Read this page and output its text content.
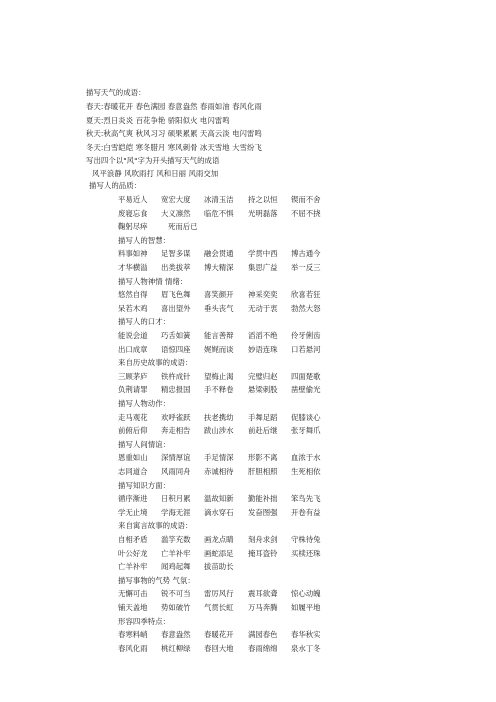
描写天气的成语：
春天:春暖花开 春色满园 春意盎然 春雨如油 春风化雨
夏天:烈日炎炎 百花争艳 骄阳似火 电闪雷鸣
秋天:秋高气爽 秋风习习 硕果累累 天高云淡 电闪雷鸣
冬天:白雪皑皑 寒冬腊月 寒风刺骨 冰天雪地 大雪纷飞
写出四个以"风"字为开头描写天气的成语
风平浪静 风吹雨打 风和日丽 风雨交加
描写人的品质：
平易近人 宽宏大度 冰清玉洁 持之以恒 锲而不舍
废寝忘食 大义凛然 临危不惧 光明磊落 不屈不挠
鞠躬尽瘁	死而后已
描写人的智慧：
料事如神 足智多谋 融会贯通 学贯中西 博古通今
才华横溢 出类拔萃 博大精深 集思广益 举一反三
描写人物神情 情绪：
悠然自得 眉飞色舞 喜笑颜开 神采奕奕 欣喜若狂
呆若木鸡 喜出望外 垂头丧气 无动于衷 勃然大怒
描写人的口才：
能说会道 巧舌如簧 能言善辩 滔滔不绝 伶牙俐齿
出口成章 语惊四座 娓娓而谈 妙语连珠 口若悬河
来自历史故事的成语：
三顾茅庐 铁杵成针 望梅止渴 完璧归赵 四面楚歌
负荆请罪 精忠报国 手不释卷 悬梁刺股 凿壁偷光
描写人物动作：
走马观花 欢呼雀跃 扶老携幼 手舞足蹈 促膝谈心
前俯后仰 奔走相告 跋山涉水 前赴后继 张牙舞爪
描写人间情谊：
恩重如山 深情厚谊 手足情深 形影不离 血浓于水
志同道合 风雨同舟 赤诚相待 肝胆相照 生死相依
描写知识方面：
循序渐进 日积月累 温故知新 勤能补拙 笨鸟先飞
学无止境 学海无涯 滴水穿石 发奋图强 开卷有益
来自寓言故事的成语：
自相矛盾 滥竽充数 画龙点睛 刻舟求剑 守株待兔
叶公好龙 亡羊补牢 画蛇添足 掩耳盗铃 买椟还珠
亡羊补牢 闻鸡起舞 拔苗助长
描写事物的气势 气氛：
无懈可击 锐不可当 雷厉风行 震耳欲聋 惊心动魄
铺天盖地 势如破竹 气贯长虹 万马奔腾 如履平地
形容四季特点：
春寒料峭 春意盎然 春暖花开 满园春色 春华秋实
春风化雨 桃红柳绿 春回大地 春雨绵绵 泉水丁冬
